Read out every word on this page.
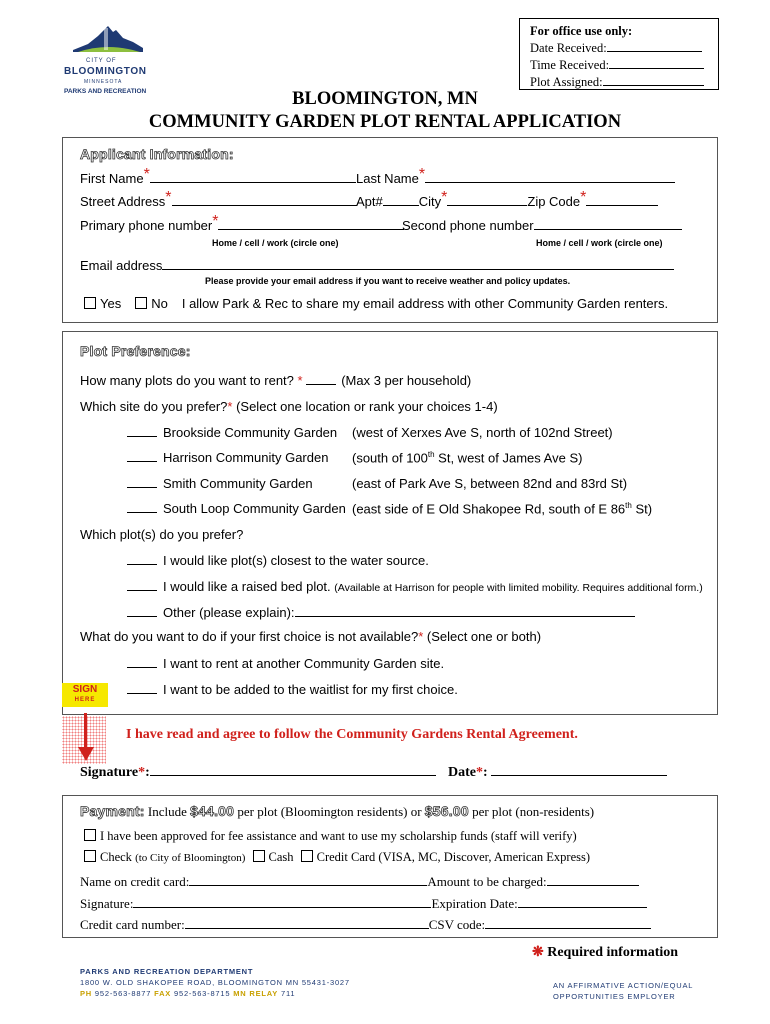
CITY OF
BLOOMINGTON
MINNESOTA
PARKS AND RECREATION
For office use only:
Date Received:
Time Received:
Plot Assigned:
BLOOMINGTON, MN
COMMUNITY GARDEN PLOT RENTAL APPLICATION
Applicant Information:
First Name*	Last Name*
Street Address*	Apt#	City*	Zip Code*
Primary phone number*	Second phone number
Home / cell / work (circle one)	Home / cell / work (circle one)
Email address
Please provide your email address if you want to receive weather and policy updates.
Yes No I allow Park & Rec to share my email address with other Community Garden renters.
Plot Preference:
How many plots do you want to rent? *	(Max 3 per household)
Which site do you prefer?* (Select one location or rank your choices 1-4)
Brookside Community Garden (west of Xerxes Ave S, north of 102nd Street)
Harrison Community Garden (south of 100th St, west of James Ave S)
Smith Community Garden	(east of Park Ave S, between 82nd and 83rd St)
South Loop Community Garden (east side of E Old Shakopee Rd, south of E 86th St)
Which plot(s) do you prefer?
I would like plot(s) closest to the water source.
I would like a raised bed plot. (Available at Harrison for people with limited mobility. Requires additional form.)
Other (please explain):
What do you want to do if your first choice is not available?* (Select one or both)
I want to rent at another Community Garden site.
I want to be added to the waitlist for my first choice.
SIGN
HERE
I have read and agree to follow the Community Gardens Rental Agreement.
Signature*:	Date*:
Payment: Include $44.00 per plot (Bloomington residents) or $56.00 per plot (non-residents)
I have been approved for fee assistance and want to use my scholarship funds (staff will verify)
Check (to City of Bloomington) Cash Credit Card (VISA, MC, Discover, American Express)
Name on credit card:	Amount to be charged:
Signature:	Expiration Date:
Credit card number:	CSV code:
❋ Required information
PARKS AND RECREATION DEPARTMENT
1800 W. OLD SHAKOPEE ROAD, BLOOMINGTON MN 55431-3027
PH 952-563-8877 FAX 952-563-8715 MN RELAY 711
AN AFFIRMATIVE ACTION/EQUAL
OPPORTUNITIES EMPLOYER
